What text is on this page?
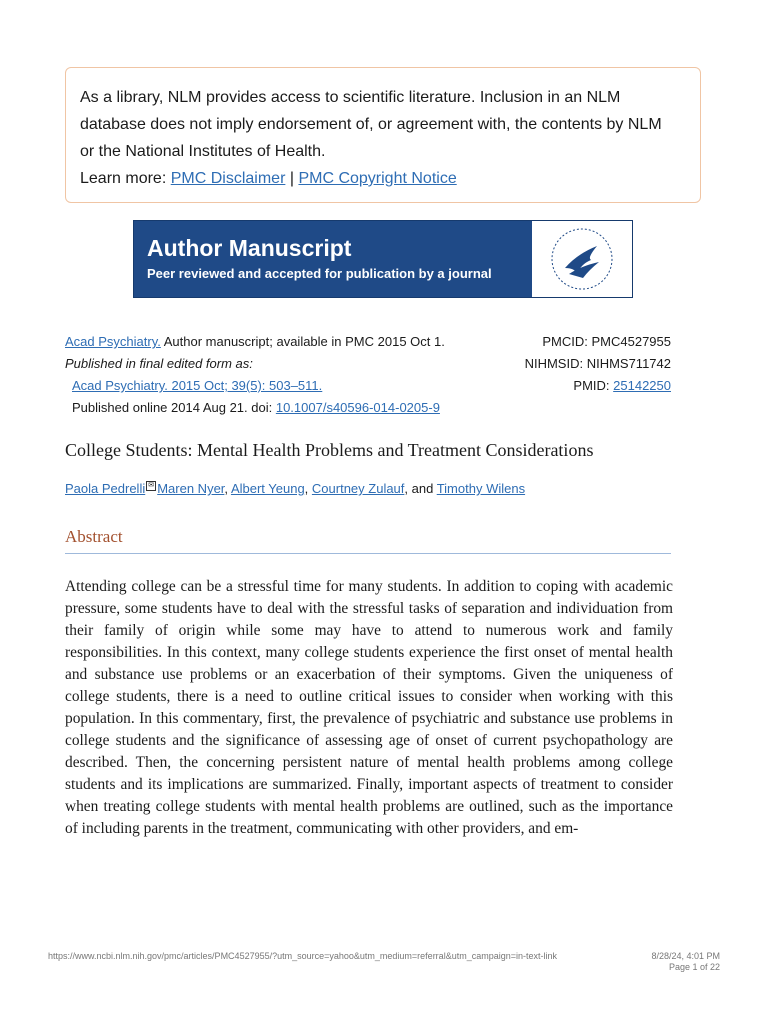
As a library, NLM provides access to scientific literature. Inclusion in an NLM
database does not imply endorsement of, or agreement with, the contents by NLM
or the National Institutes of Health.
Learn more: PMC Disclaimer | PMC Copyright Notice
Author Manuscript
Peer reviewed and accepted for publication by a journal
Acad Psychiatry. Author manuscript; available in PMC 2015 Oct 1.
Published in final edited form as:
Acad Psychiatry. 2015 Oct; 39(5): 503–511.
Published online 2014 Aug 21. doi: 10.1007/s40596-014-0205-9
PMCID: PMC4527955
NIHMSID: NIHMS711742
PMID: 25142250
College Students: Mental Health Problems and Treatment Considerations
Paola Pedrelli ✉ Maren Nyer, Albert Yeung, Courtney Zulauf, and Timothy Wilens
Abstract
Attending college can be a stressful time for many students. In addition to coping with academic pressure, some students have to deal with the stressful tasks of separation and individuation from their family of origin while some may have to attend to numerous work and family responsibilities. In this context, many college students experience the first onset of mental health and substance use problems or an exacerbation of their symptoms. Given the uniqueness of college students, there is a need to outline critical issues to consider when working with this population. In this commentary, first, the prevalence of psychiatric and substance use problems in college students and the significance of assessing age of onset of current psychopathology are described. Then, the concerning persistent nature of mental health problems among college students and its implications are summarized. Finally, important aspects of treatment to consider when treating college students with mental health problems are outlined, such as the importance of including parents in the treatment, communicating with other providers, and em-
https://www.ncbi.nlm.nih.gov/pmc/articles/PMC4527955/?utm_source=yahoo&utm_medium=referral&utm_campaign=in-text-link	8/28/24, 4:01 PM
Page 1 of 22
